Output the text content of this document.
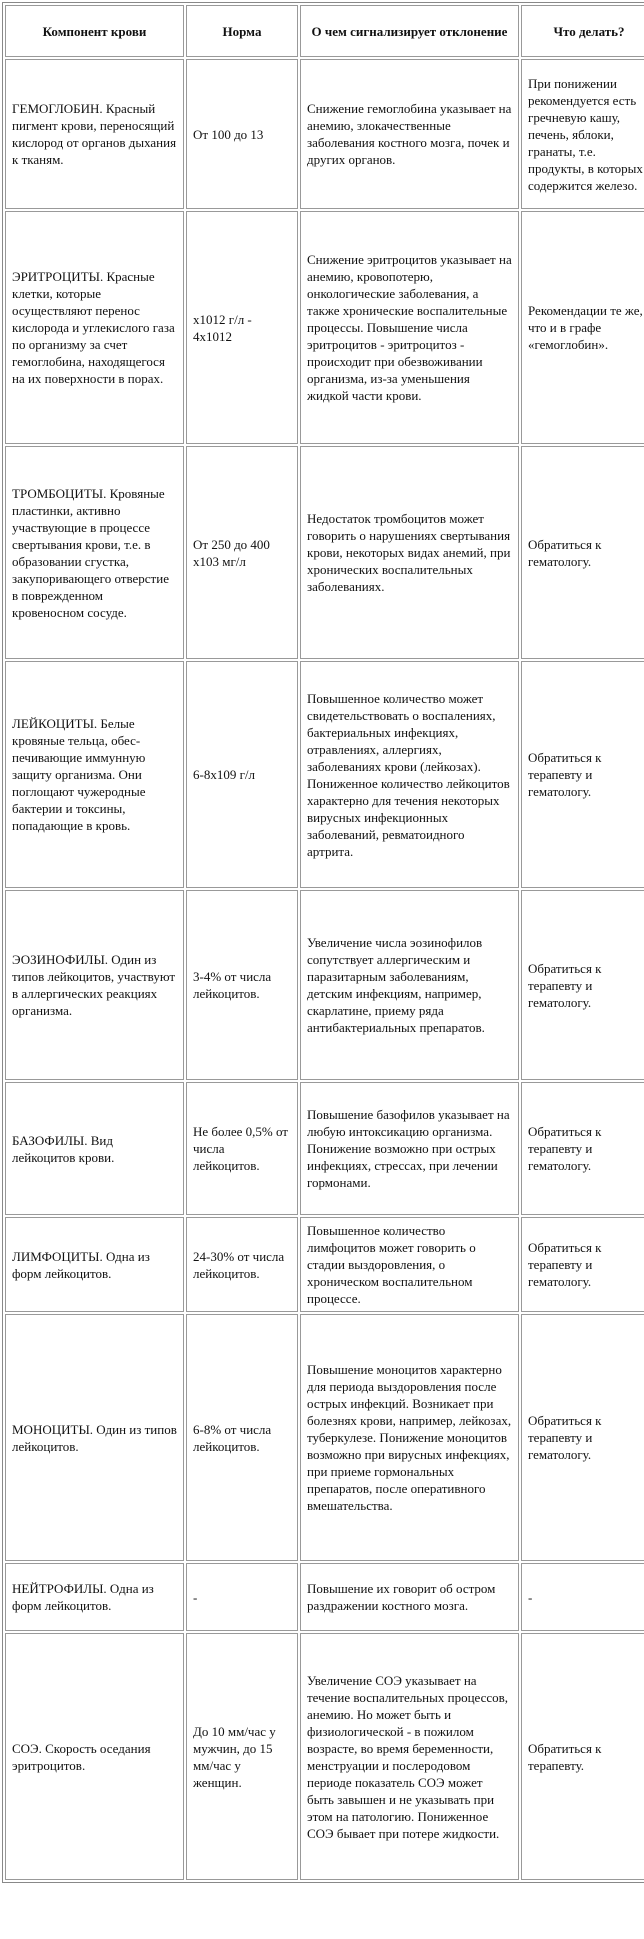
Компонент крови	Норма	О чем сигнализирует отклонение	Что делать?
ГЕМОГЛОБИН. Красный пигмент крови, переносящий кислород от органов дыхания к тканям.	От 100 до 13	Снижение гемоглобина указывает на анемию, злокачественные заболевания костного мозга, почек и других органов.	При понижении рекомендуется есть гречневую кашу, печень, яблоки, гранаты, т.е. продукты, в которых содержится железо.
ЭРИТРОЦИТЫ. Красные клетки, которые осуществляют перенос кислорода и углекислого газа по организму за счет гемоглобина, находящегося на их поверхности в порах.	х1012 г/л - 4х1012	Снижение эритроцитов указывает на анемию, кровопотерю, онкологические заболевания, а также хронические воспалительные процессы. Повышение числа эритроцитов - эритроцитоз - происходит при обезвоживании организма, из-за уменьшения жидкой части крови.	Рекомендации те же, что и в графе «гемоглобин».
ТРОМБОЦИТЫ. Кровяные пластинки, активно участвующие в процессе свертывания крови, т.е. в образовании сгустка, закупоривающего отверстие в поврежденном кровеносном сосуде.	От 250 до 400 х103 мг/л	Недостаток тромбоцитов может говорить о нарушениях свертывания крови, некоторых видах анемий, при хронических воспалительных заболеваниях.	Обратиться к гематологу.
ЛЕЙКОЦИТЫ. Белые кровяные тельца, обес-печивающие иммунную защиту организма. Они поглощают чужеродные бактерии и токсины, попадающие в кровь.	6-8х109 г/л	Повышенное количество может свидетельствовать о воспалениях, бактериальных инфекциях, отравлениях, аллергиях, заболеваниях крови (лейкозах). Пониженное количество лейкоцитов характерно для течения некоторых вирусных инфекционных заболеваний, ревматоидного артрита.	Обратиться к терапевту и гематологу.
ЭОЗИНОФИЛЫ. Один из типов лейкоцитов, участвуют в аллергических реакциях организма.	3-4% от числа лейкоцитов.	Увеличение числа эозинофилов сопутствует аллергическим и паразитарным заболеваниям, детским инфекциям, например, скарлатине, приему ряда антибактериальных препаратов.	Обратиться к терапевту и гематологу.
БАЗОФИЛЫ. Вид лейкоцитов крови.	Не более 0,5% от числа лейкоцитов.	Повышение базофилов указывает на любую интоксикацию организма. Понижение возможно при острых инфекциях, стрессах, при лечении гормонами.	Обратиться к терапевту и гематологу.
ЛИМФОЦИТЫ. Одна из форм лейкоцитов.	24-30% от числа лейкоцитов.	Повышенное количество лимфоцитов может говорить о стадии выздоровления, о хроническом воспалительном процессе.	Обратиться к терапевту и гематологу.
МОНОЦИТЫ. Один из типов лейкоцитов.	6-8% от числа лейкоцитов.	Повышение моноцитов характерно для периода выздоровления после острых инфекций. Возникает при болезнях крови, например, лейкозах, туберкулезе. Понижение моноцитов возможно при вирусных инфекциях, при приеме гормональных препаратов, после оперативного вмешательства.	Обратиться к терапевту и гематологу.
НЕЙТРОФИЛЫ. Одна из форм лейкоцитов.	-	Повышение их говорит об остром раздражении костного мозга.	-
СОЭ. Скорость оседания эритроцитов.	До 10 мм/час у мужчин, до 15 мм/час у женщин.	Увеличение СОЭ указывает на течение воспалительных процессов, анемию. Но может быть и физиологической - в пожилом возрасте, во время беременности, менструации и послеродовом периоде показатель СОЭ может быть завышен и не указывать при этом на патологию. Пониженное СОЭ бывает при потере жидкости.	Обратиться к терапевту.
